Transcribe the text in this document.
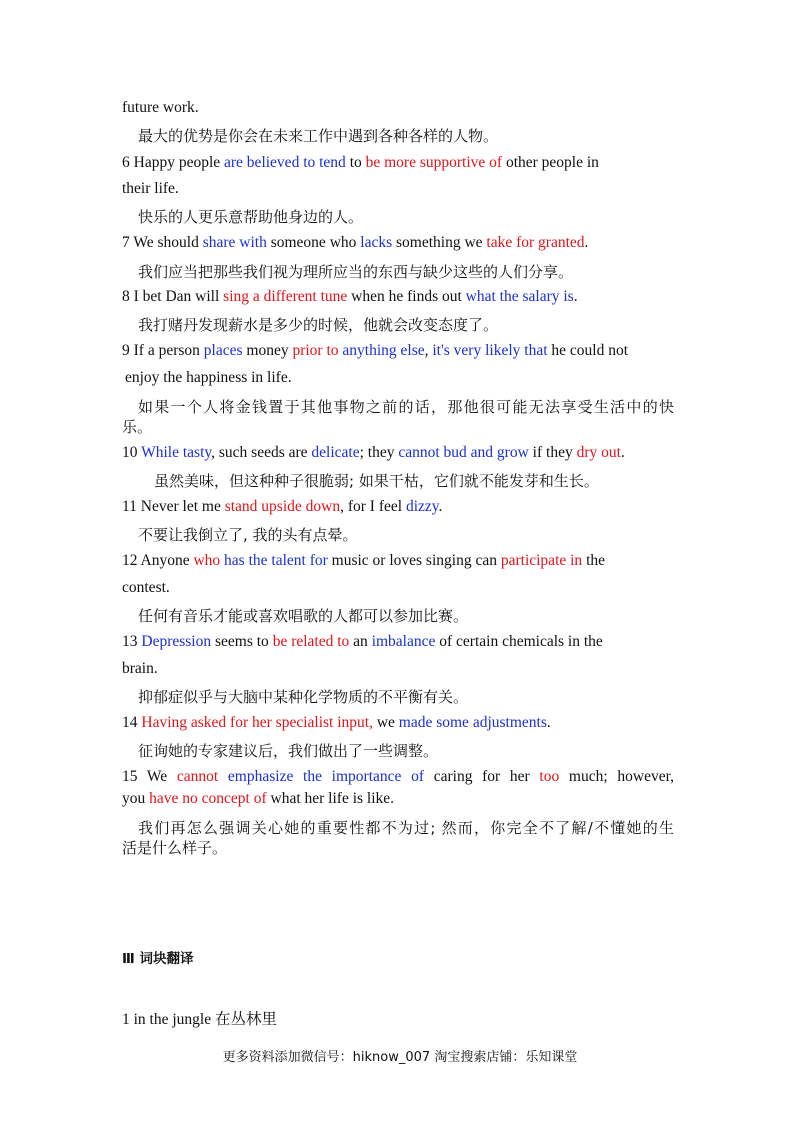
future work.
最大的优势是你会在未来工作中遇到各种各样的人物。
6 Happy people are believed to tend to be more supportive of other people in
their life.
快乐的人更乐意帮助他身边的人。
7 We should share with someone who lacks something we take for granted.
我们应当把那些我们视为理所应当的东西与缺少这些的人们分享。
8 I bet Dan will sing a different tune when he finds out what the salary is.
我打赌丹发现薪水是多少的时候，他就会改变态度了。
9 If a person places money prior to anything else, it's very likely that he could not
enjoy the happiness in life.
如果一个人将金钱置于其他事物之前的话，那他很可能无法享受生活中的快
乐。
10 While tasty, such seeds are delicate; they cannot bud and grow if they dry out.
虽然美味，但这种种子很脆弱; 如果干枯，它们就不能发芽和生长。
11 Never let me stand upside down, for I feel dizzy.
不要让我倒立了, 我的头有点晕。
12 Anyone who has the talent for music or loves singing can participate in the
contest.
任何有音乐才能或喜欢唱歌的人都可以参加比赛。
13 Depression seems to be related to an imbalance of certain chemicals in the
brain.
抑郁症似乎与大脑中某种化学物质的不平衡有关。
14 Having asked for her specialist input, we made some adjustments.
征询她的专家建议后，我们做出了一些调整。
15 We cannot emphasize the importance of caring for her too much; however,
you have no concept of what her life is like.
我们再怎么强调关心她的重要性都不为过; 然而，你完全不了解/不懂她的生
活是什么样子。
Ⅲ 词块翻译
1 in the jungle 在丛林里
更多资料添加微信号：hiknow_007 淘宝搜索店铺：乐知课堂
